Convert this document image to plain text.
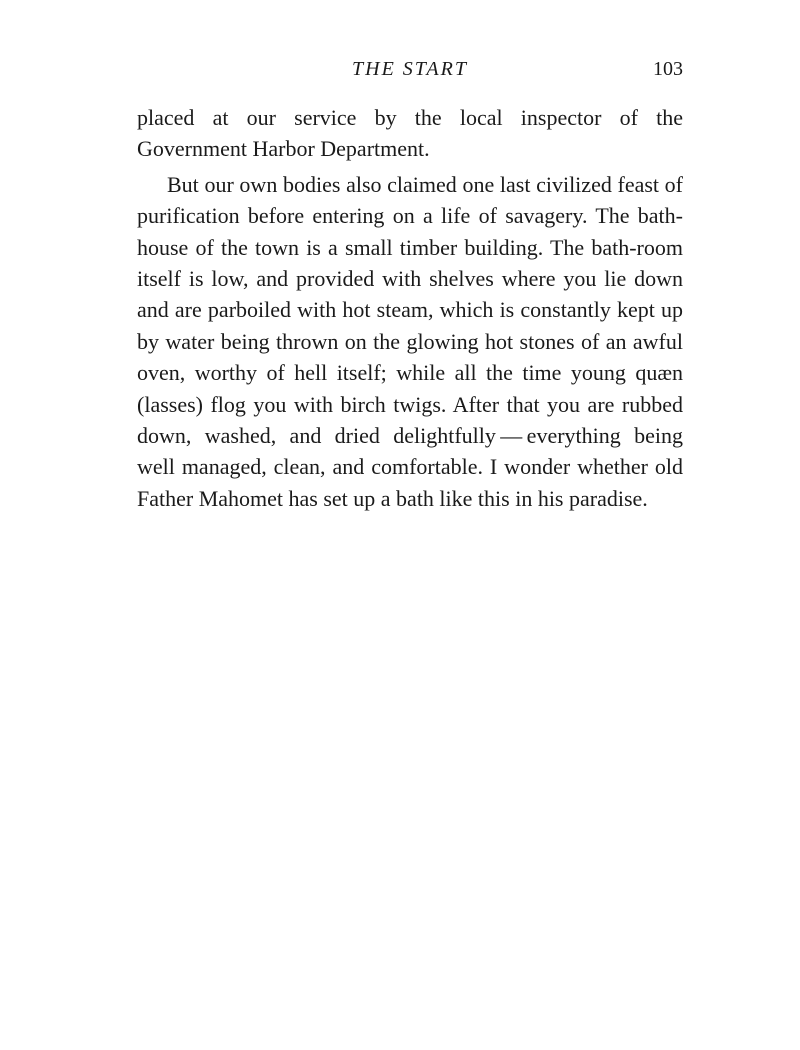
THE START	103

placed at our service by the local inspector of the Government Harbor Department.

But our own bodies also claimed one last civilized feast of purification before entering on a life of savagery. The bath-house of the town is a small timber building. The bath-room itself is low, and provided with shelves where you lie down and are parboiled with hot steam, which is constantly kept up by water being thrown on the glowing hot stones of an awful oven, worthy of hell itself; while all the time young quæn (lasses) flog you with birch twigs. After that you are rubbed down, washed, and dried delightfully — everything being well managed, clean, and comfortable. I wonder whether old Father Mahomet has set up a bath like this in his paradise.
